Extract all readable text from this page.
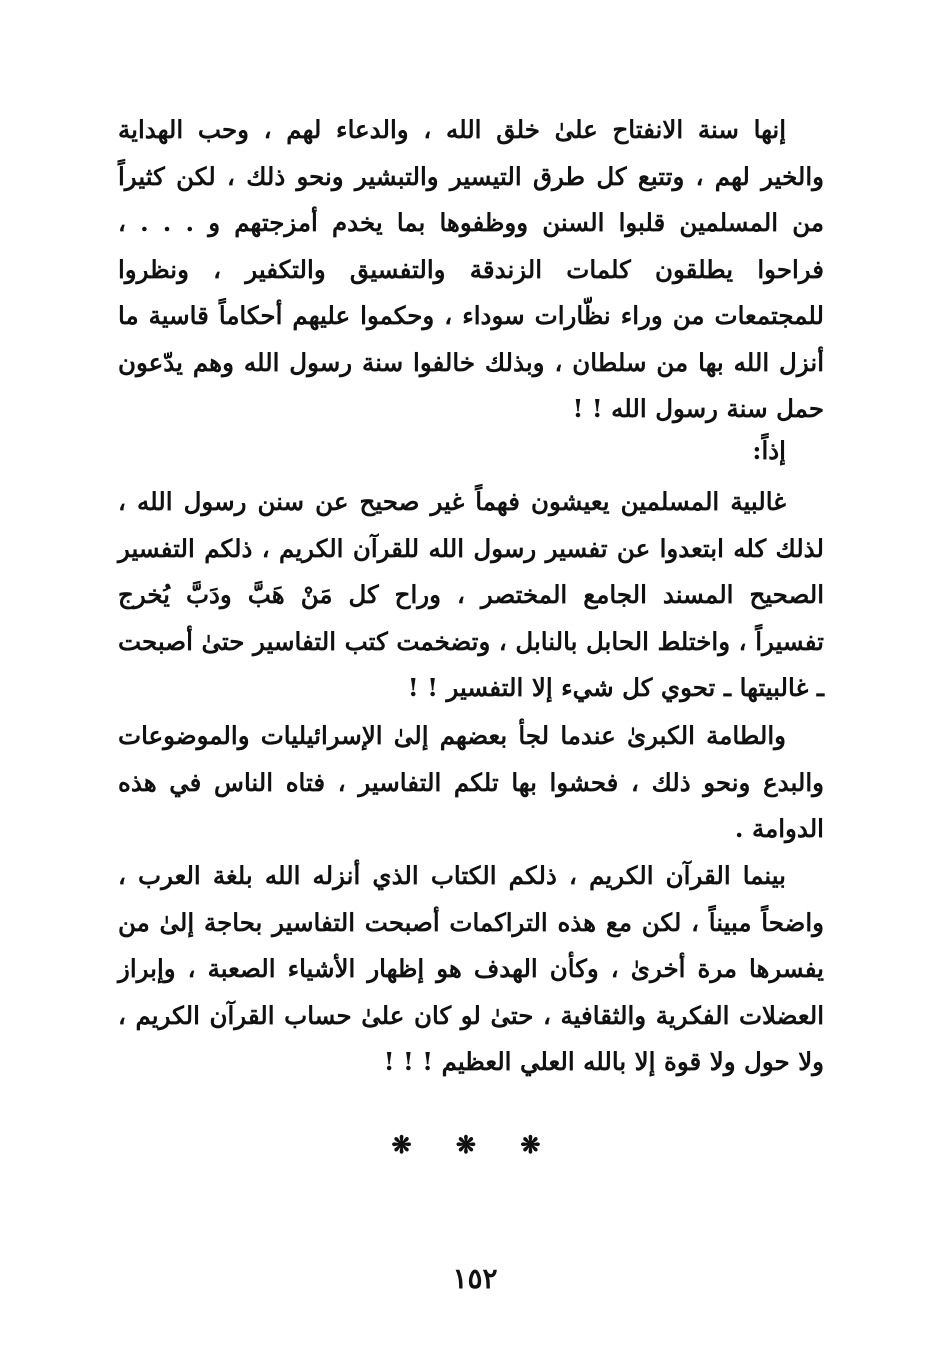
إنها سنة الانفتاح علىٰ خلق الله ، والدعاء لهم ، وحب الهداية والخير لهم ، وتتبع كل طرق التيسير والتبشير ونحو ذلك ، لكن كثيراً من المسلمين قلبوا السنن ووظفوها بما يخدم أمزجتهم و . . . ، فراحوا يطلقون كلمات الزندقة والتفسيق والتكفير ، ونظروا للمجتمعات من وراء نظّارات سوداء ، وحكموا عليهم أحكاماً قاسية ما أنزل الله بها من سلطان ، وبذلك خالفوا سنة رسول الله وهم يدّعون حمل سنة رسول الله ! !

إذاً:

غالبية المسلمين يعيشون فهماً غير صحيح عن سنن رسول الله ، لذلك كله ابتعدوا عن تفسير رسول الله للقرآن الكريم ، ذلكم التفسير الصحيح المسند الجامع المختصر ، وراح كل مَنْ هَبَّ ودَبَّ يُخرج تفسيراً ، واختلط الحابل بالنابل ، وتضخمت كتب التفاسير حتىٰ أصبحت ـ غالبيتها ـ تحوي كل شيء إلا التفسير ! !

والطامة الكبرىٰ عندما لجأ بعضهم إلىٰ الإسرائيليات والموضوعات والبدع ونحو ذلك ، فحشوا بها تلكم التفاسير ، فتاه الناس في هذه الدوامة .

بينما القرآن الكريم ، ذلكم الكتاب الذي أنزله الله بلغة العرب ، واضحاً مبيناً ، لكن مع هذه التراكمات أصبحت التفاسير بحاجة إلىٰ من يفسرها مرة أخرىٰ ، وكأن الهدف هو إظهار الأشياء الصعبة ، وإبراز العضلات الفكرية والثقافية ، حتىٰ لو كان علىٰ حساب القرآن الكريم ، ولا حول ولا قوة إلا بالله العلي العظيم ! ! !

❋ ❋ ❋
١٥٢
